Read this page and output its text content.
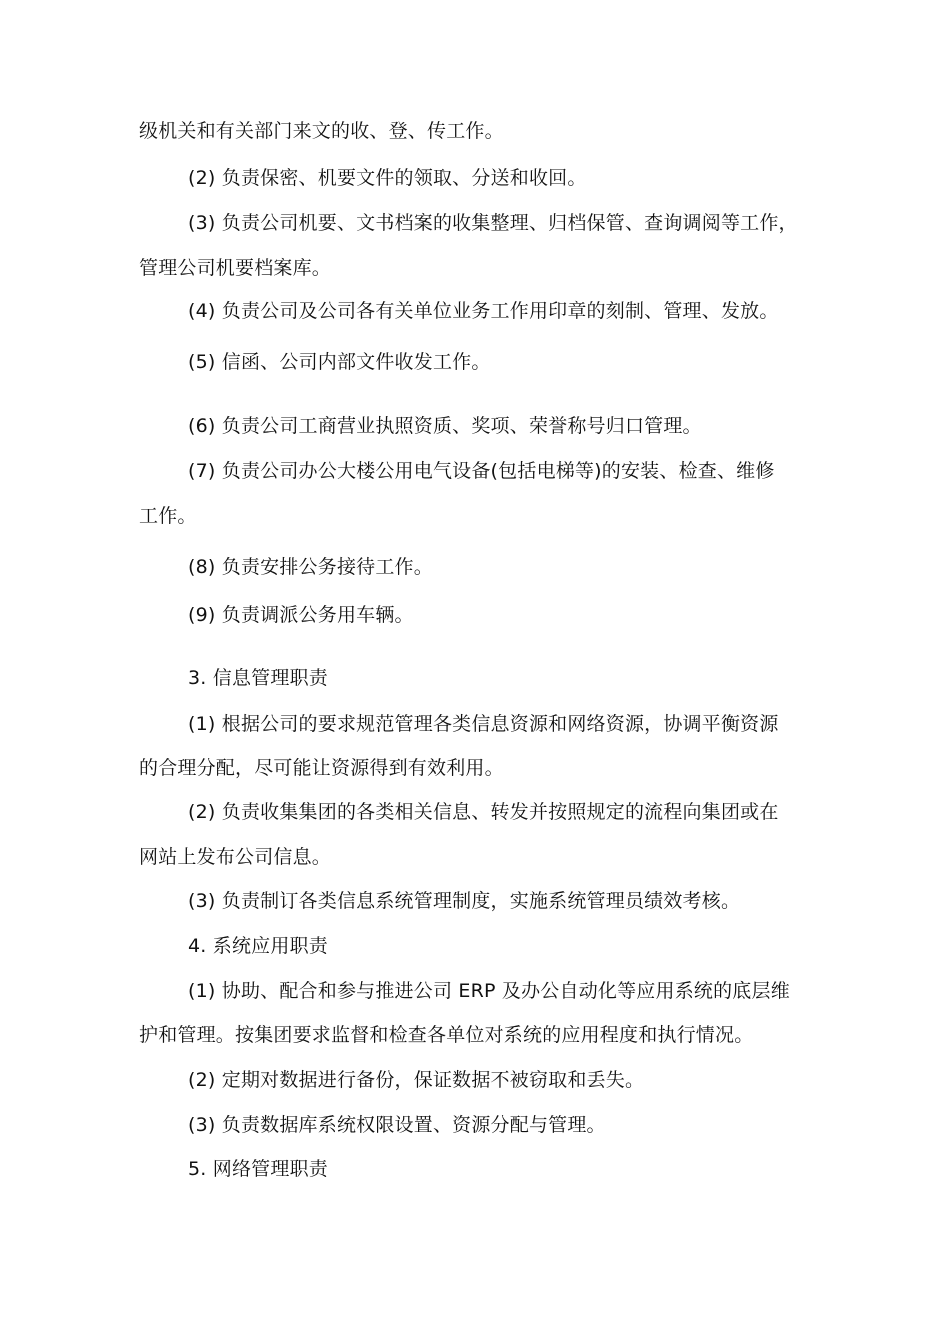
级机关和有关部门来文的收、登、传工作。
(2) 负责保密、机要文件的领取、分送和收回。
(3) 负责公司机要、文书档案的收集整理、归档保管、查询调阅等工作，
管理公司机要档案库。
(4) 负责公司及公司各有关单位业务工作用印章的刻制、管理、发放。
(5) 信函、公司内部文件收发工作。
(6) 负责公司工商营业执照资质、奖项、荣誉称号归口管理。
(7) 负责公司办公大楼公用电气设备(包括电梯等)的安装、检查、维修
工作。
(8) 负责安排公务接待工作。
(9) 负责调派公务用车辆。
3. 信息管理职责
(1) 根据公司的要求规范管理各类信息资源和网络资源，协调平衡资源
的合理分配，尽可能让资源得到有效利用。
(2) 负责收集集团的各类相关信息、转发并按照规定的流程向集团或在
网站上发布公司信息。
(3) 负责制订各类信息系统管理制度，实施系统管理员绩效考核。
4. 系统应用职责
(1) 协助、配合和参与推进公司 ERP 及办公自动化等应用系统的底层维
护和管理。按集团要求监督和检查各单位对系统的应用程度和执行情况。
(2) 定期对数据进行备份，保证数据不被窃取和丢失。
(3) 负责数据库系统权限设置、资源分配与管理。
5. 网络管理职责
